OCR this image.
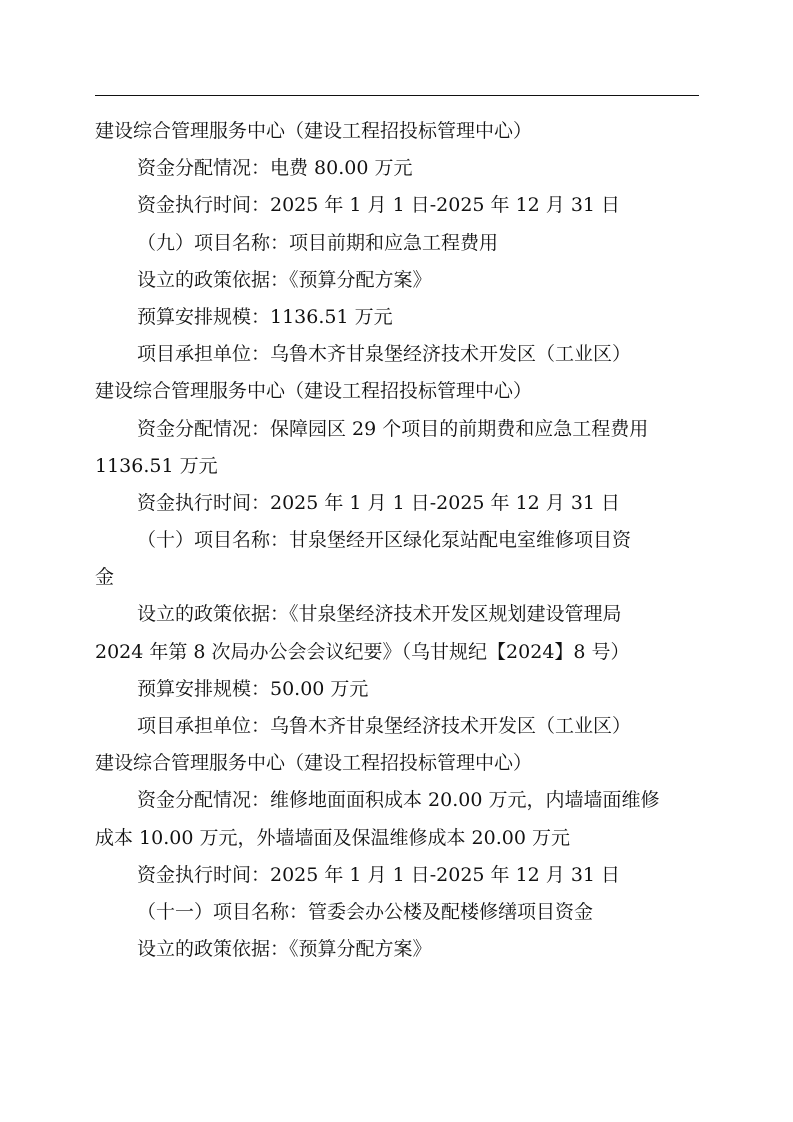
建设综合管理服务中心（建设工程招投标管理中心）
资金分配情况：电费 80.00 万元
资金执行时间：2025 年 1 月 1 日-2025 年 12 月 31 日
（九）项目名称：项目前期和应急工程费用
设立的政策依据：《预算分配方案》
预算安排规模：1136.51 万元
项目承担单位：乌鲁木齐甘泉堡经济技术开发区（工业区）
建设综合管理服务中心（建设工程招投标管理中心）
资金分配情况：保障园区 29 个项目的前期费和应急工程费用
1136.51 万元
资金执行时间：2025 年 1 月 1 日-2025 年 12 月 31 日
（十）项目名称：甘泉堡经开区绿化泵站配电室维修项目资
金
设立的政策依据：《甘泉堡经济技术开发区规划建设管理局
2024 年第 8 次局办公会会议纪要》（乌甘规纪【2024】8 号）
预算安排规模：50.00 万元
项目承担单位：乌鲁木齐甘泉堡经济技术开发区（工业区）
建设综合管理服务中心（建设工程招投标管理中心）
资金分配情况：维修地面面积成本 20.00 万元，内墙墙面维修
成本 10.00 万元，外墙墙面及保温维修成本 20.00 万元
资金执行时间：2025 年 1 月 1 日-2025 年 12 月 31 日
（十一）项目名称：管委会办公楼及配楼修缮项目资金
设立的政策依据：《预算分配方案》
